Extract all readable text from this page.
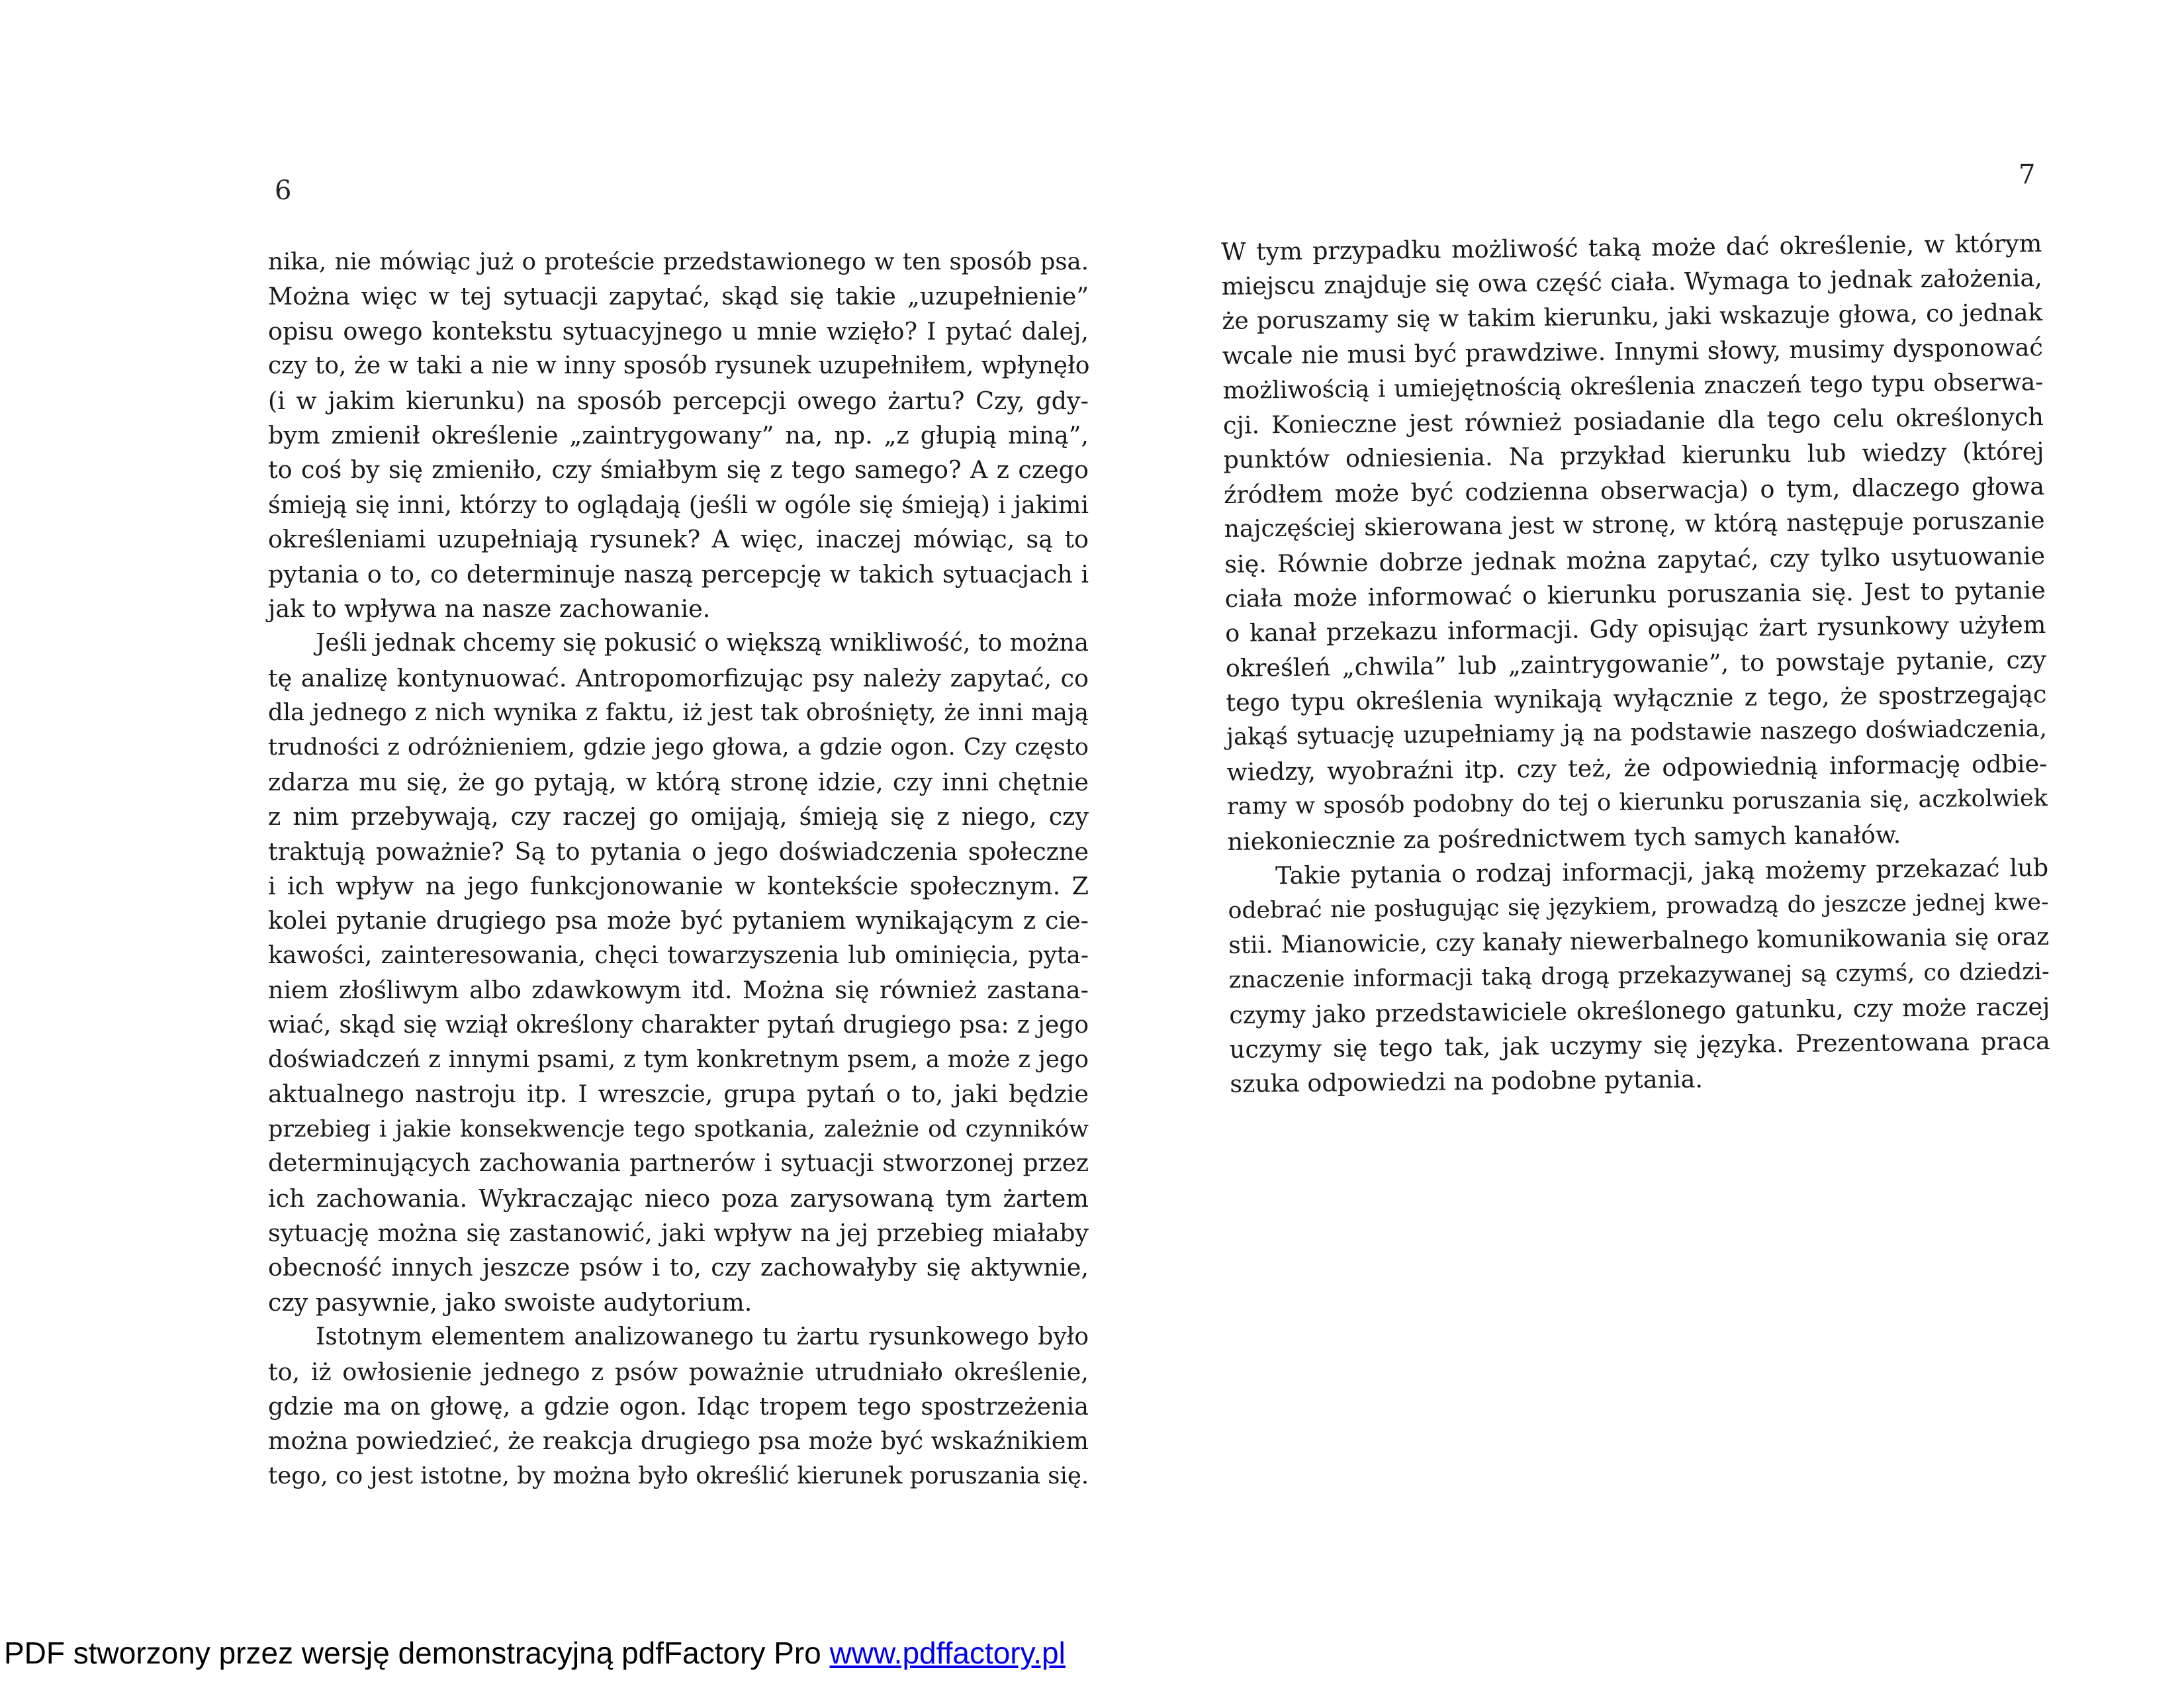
6
7
nika, nie mówiąc już o proteście przedstawionego w ten sposób psa.
Można więc w tej sytuacji zapytać, skąd się takie „uzupełnienie”
opisu owego kontekstu sytuacyjnego u mnie wzięło? I pytać dalej,
czy to, że w taki a nie w inny sposób rysunek uzupełniłem, wpłynęło
(i w jakim kierunku) na sposób percepcji owego żartu? Czy, gdy-
bym zmienił określenie „zaintrygowany” na, np. „z głupią miną”,
to coś by się zmieniło, czy śmiałbym się z tego samego? A z czego
śmieją się inni, którzy to oglądają (jeśli w ogóle się śmieją) i jakimi
określeniami uzupełniają rysunek? A więc, inaczej mówiąc, są to
pytania o to, co determinuje naszą percepcję w takich sytuacjach i
jak to wpływa na nasze zachowanie.
Jeśli jednak chcemy się pokusić o większą wnikliwość, to można
tę analizę kontynuować. Antropomorfizując psy należy zapytać, co
dla jednego z nich wynika z faktu, iż jest tak obrośnięty, że inni mają
trudności z odróżnieniem, gdzie jego głowa, a gdzie ogon. Czy często
zdarza mu się, że go pytają, w którą stronę idzie, czy inni chętnie
z nim przebywają, czy raczej go omijają, śmieją się z niego, czy
traktują poważnie? Są to pytania o jego doświadczenia społeczne
i ich wpływ na jego funkcjonowanie w kontekście społecznym. Z
kolei pytanie drugiego psa może być pytaniem wynikającym z cie-
kawości, zainteresowania, chęci towarzyszenia lub ominięcia, pyta-
niem złośliwym albo zdawkowym itd. Można się również zastana-
wiać, skąd się wziął określony charakter pytań drugiego psa: z jego
doświadczeń z innymi psami, z tym konkretnym psem, a może z jego
aktualnego nastroju itp. I wreszcie, grupa pytań o to, jaki będzie
przebieg i jakie konsekwencje tego spotkania, zależnie od czynników
determinujących zachowania partnerów i sytuacji stworzonej przez
ich zachowania. Wykraczając nieco poza zarysowaną tym żartem
sytuację można się zastanowić, jaki wpływ na jej przebieg miałaby
obecność innych jeszcze psów i to, czy zachowałyby się aktywnie,
czy pasywnie, jako swoiste audytorium.
Istotnym elementem analizowanego tu żartu rysunkowego było
to, iż owłosienie jednego z psów poważnie utrudniało określenie,
gdzie ma on głowę, a gdzie ogon. Idąc tropem tego spostrzeżenia
można powiedzieć, że reakcja drugiego psa może być wskaźnikiem
tego, co jest istotne, by można było określić kierunek poruszania się.
W tym przypadku możliwość taką może dać określenie, w którym
miejscu znajduje się owa część ciała. Wymaga to jednak założenia,
że poruszamy się w takim kierunku, jaki wskazuje głowa, co jednak
wcale nie musi być prawdziwe. Innymi słowy, musimy dysponować
możliwością i umiejętnością określenia znaczeń tego typu obserwa-
cji. Konieczne jest również posiadanie dla tego celu określonych
punktów odniesienia. Na przykład kierunku lub wiedzy (której
źródłem może być codzienna obserwacja) o tym, dlaczego głowa
najczęściej skierowana jest w stronę, w którą następuje poruszanie
się. Równie dobrze jednak można zapytać, czy tylko usytuowanie
ciała może informować o kierunku poruszania się. Jest to pytanie
o kanał przekazu informacji. Gdy opisując żart rysunkowy użyłem
określeń „chwila” lub „zaintrygowanie”, to powstaje pytanie, czy
tego typu określenia wynikają wyłącznie z tego, że spostrzegając
jakąś sytuację uzupełniamy ją na podstawie naszego doświadczenia,
wiedzy, wyobraźni itp. czy też, że odpowiednią informację odbie-
ramy w sposób podobny do tej o kierunku poruszania się, aczkolwiek
niekoniecznie za pośrednictwem tych samych kanałów.
Takie pytania o rodzaj informacji, jaką możemy przekazać lub
odebrać nie posługując się językiem, prowadzą do jeszcze jednej kwe-
stii. Mianowicie, czy kanały niewerbalnego komunikowania się oraz
znaczenie informacji taką drogą przekazywanej są czymś, co dziedzi-
czymy jako przedstawiciele określonego gatunku, czy może raczej
uczymy się tego tak, jak uczymy się języka. Prezentowana praca
szuka odpowiedzi na podobne pytania.
PDF stworzony przez wersję demonstracyjną pdfFactory Pro www.pdffactory.pl
